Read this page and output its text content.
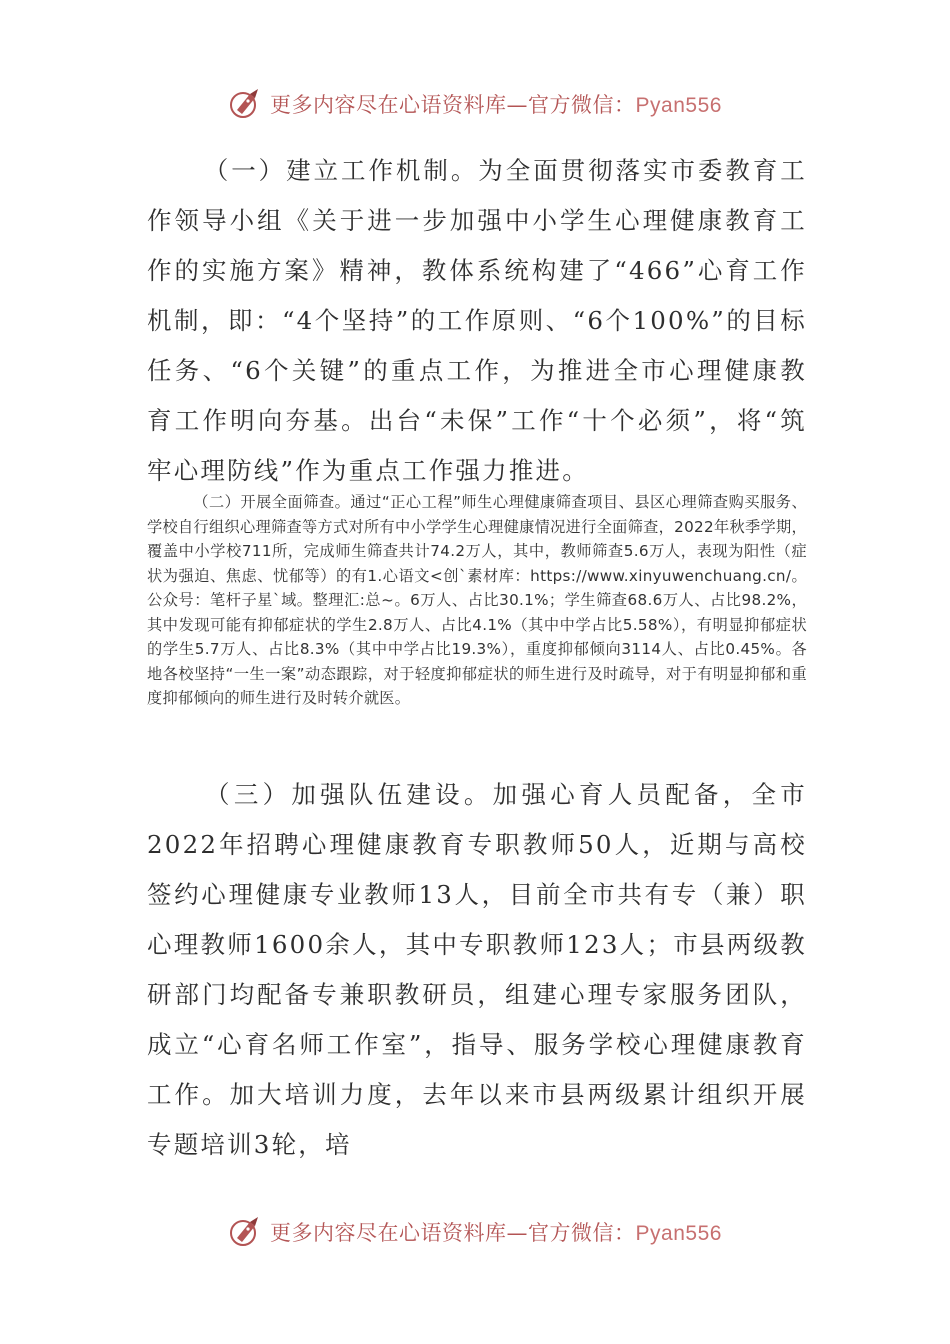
更多内容尽在心语资料库—官方微信：Pyan556

（一）建立工作机制。为全面贯彻落实市委教育工作领导小组《关于进一步加强中小学生心理健康教育工作的实施方案》精神，教体系统构建了“466”心育工作机制，即：“4个坚持”的工作原则、“6个100%”的目标任务、“6个关键”的重点工作，为推进全市心理健康教育工作明向夯基。出台“未保”工作“十个必须”，将“筑牢心理防线”作为重点工作强力推进。

（二）开展全面筛查。通过“正心工程”师生心理健康筛查项目、县区心理筛查购买服务、学校自行组织心理筛查等方式对所有中小学学生心理健康情况进行全面筛查，2022年秋季学期，覆盖中小学校711所，完成师生筛查共计74.2万人，其中，教师筛查5.6万人，表现为阳性（症状为强迫、焦虑、忧郁等）的有1.心语文<创`素材库：https://www.xinyuwenchuang.cn/。公众号：笔杆子星`域。整理汇:总~。6万人、占比30.1%；学生筛查68.6万人、占比98.2%，其中发现可能有抑郁症状的学生2.8万人、占比4.1%（其中中学占比5.58%），有明显抑郁症状的学生5.7万人、占比8.3%（其中中学占比19.3%），重度抑郁倾向3114人、占比0.45%。各地各校坚持“一生一案”动态跟踪，对于轻度抑郁症状的师生进行及时疏导，对于有明显抑郁和重度抑郁倾向的师生进行及时转介就医。

（三）加强队伍建设。加强心育人员配备，全市2022年招聘心理健康教育专职教师50人，近期与高校签约心理健康专业教师13人，目前全市共有专（兼）职心理教师1600余人，其中专职教师123人；市县两级教研部门均配备专兼职教研员，组建心理专家服务团队，成立“心育名师工作室”，指导、服务学校心理健康教育工作。加大培训力度，去年以来市县两级累计组织开展专题培训3轮，培

更多内容尽在心语资料库—官方微信：Pyan556
